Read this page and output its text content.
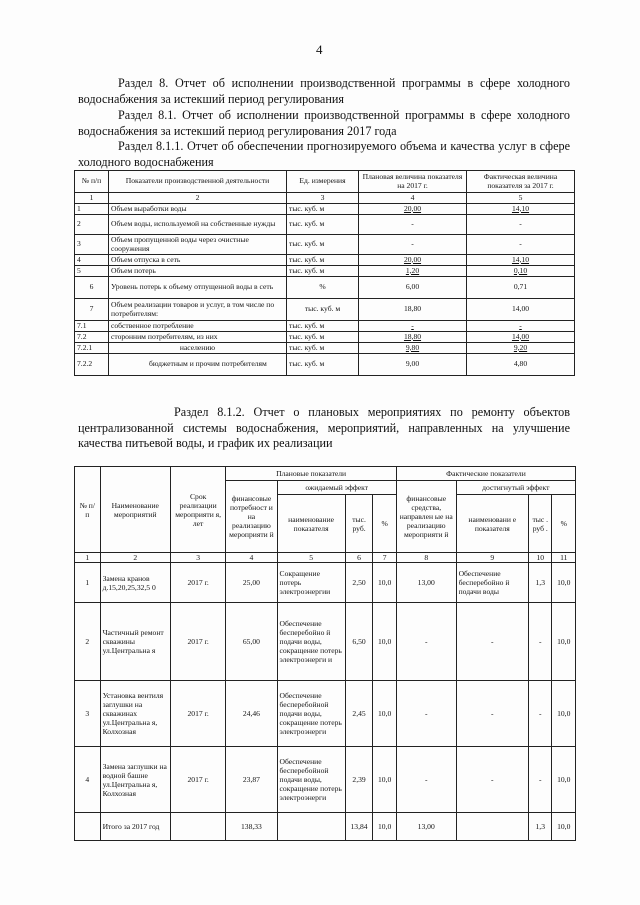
4
Раздел 8. Отчет об исполнении производственной программы в сфере холодного водоснабжения за истекший период регулирования
Раздел 8.1. Отчет об исполнении производственной программы в сфере холодного водоснабжения за истекший период регулирования 2017 года
Раздел 8.1.1. Отчет об обеспечении прогнозируемого объема и качества услуг в сфере холодного водоснабжения
№ п/п	Показатели производственной деятельности	Ед. измерения	Плановая величина показателя на 2017 г.	Фактическая величина показателя за 2017 г.
1	2	3	4	5
1	Объем выработки воды	тыс. куб. м	20,00	14,10
2	Объем воды, используемой на собственные нужды	тыс. куб. м	-	-
3	Объем пропущенной воды через очистные сооружения	тыс. куб. м	-	-
4	Объем отпуска в сеть	тыс. куб. м	20,00	14,10
5	Объем потерь	тыс. куб. м	1,20	0,10
6	Уровень потерь к объему отпущенной воды в сеть	%	6,00	0,71
7	Объем реализации товаров и услуг, в том числе по потребителям:	тыс. куб. м	18,80	14,00
7.1	собственное потребление	тыс. куб. м	-	-
7.2	сторонним потребителям, из них	тыс. куб. м	18,80	14,00
7.2.1	населению	тыс. куб. м	9,80	9,20
7.2.2	бюджетным и прочим потребителям	тыс. куб. м	9,00	4,80
Раздел 8.1.2. Отчет о плановых мероприятиях по ремонту объектов централизованной системы водоснабжения, мероприятий, направленных на улучшение качества питьевой воды, и график их реализации
№ п/ п	Наименование мероприятий	Срок реализации мероприяти я, лет	Плановые показатели				Фактические показатели			
			финансовые потребност и на реализацию мероприяти й	ожидаемый эффект			финансовые средства, направлен ые на реализацию мероприяти й	достигнутый эффект		
				наименование показателя	тыс. руб.	%		наименовани е показателя	тыс . руб .	%
1	2	3	4	5	6	7	8	9	10	11
1	Замена кранов д.15,20,25,32,5 0	2017 г.	25,00	Сокращение потерь электроэнергии	2,50	10,0	13,00	Обеспечение бесперебойно й подачи воды	1,3	10,0
2	Частичный ремонт скважины ул.Центральна я	2017 г.	65,00	Обеспечение бесперебойно й подачи воды, сокращение потерь электроэнерги и	6,50	10,0	-	-	-	10,0
3	Установка вентиля заглушки на скважинах ул.Центральна я, Колхозная	2017 г.	24,46	Обеспечение бесперебойной подачи воды, сокращение потерь электроэнерги	2,45	10,0	-	-	-	10,0
4	Замена заглушки на водной башне ул.Центральна я, Колхозная	2017 г.	23,87	Обеспечение бесперебойной подачи воды, сокращение потерь электроэнерги	2,39	10,0	-	-	-	10,0
	Итого за 2017 год		138,33		13,84	10,0	13,00		1,3	10,0
